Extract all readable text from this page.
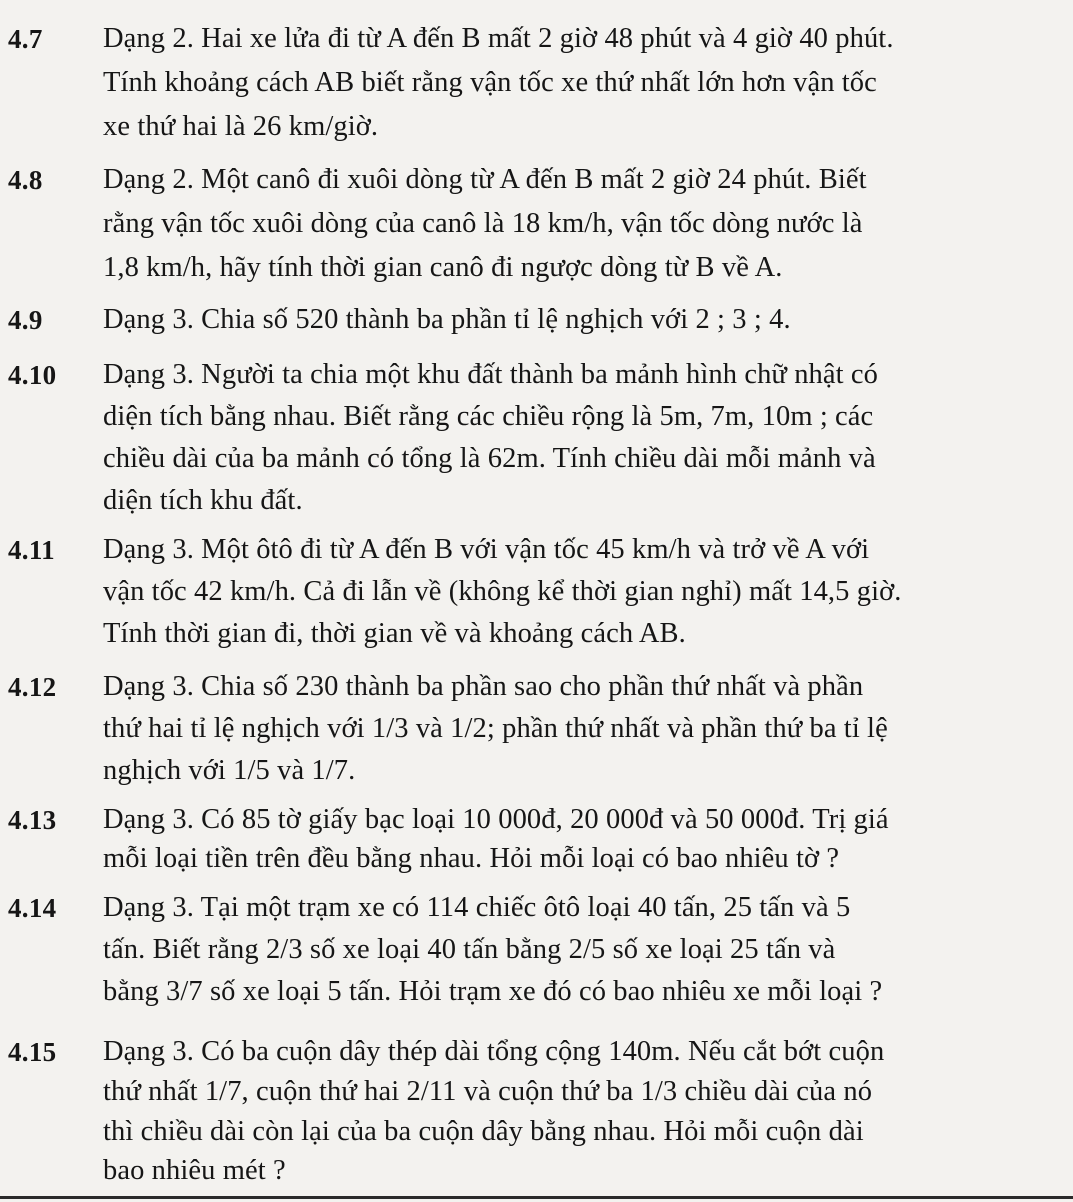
4.7 Dạng 2. Hai xe lửa đi từ A đến B mất 2 giờ 48 phút và 4 giờ 40 phút.
Tính khoảng cách AB biết rằng vận tốc xe thứ nhất lớn hơn vận tốc
xe thứ hai là 26 km/giờ.
4.8 Dạng 2. Một canô đi xuôi dòng từ A đến B mất 2 giờ 24 phút. Biết
rằng vận tốc xuôi dòng của canô là 18 km/h, vận tốc dòng nước là
1,8 km/h, hãy tính thời gian canô đi ngược dòng từ B về A.
4.9 Dạng 3. Chia số 520 thành ba phần tỉ lệ nghịch với 2 ; 3 ; 4.
4.10 Dạng 3. Người ta chia một khu đất thành ba mảnh hình chữ nhật có
diện tích bằng nhau. Biết rằng các chiều rộng là 5m, 7m, 10m ; các
chiều dài của ba mảnh có tổng là 62m. Tính chiều dài mỗi mảnh và
diện tích khu đất.
4.11 Dạng 3. Một ôtô đi từ A đến B với vận tốc 45 km/h và trở về A với
vận tốc 42 km/h. Cả đi lẫn về (không kể thời gian nghỉ) mất 14,5 giờ.
Tính thời gian đi, thời gian về và khoảng cách AB.
4.12 Dạng 3. Chia số 230 thành ba phần sao cho phần thứ nhất và phần
thứ hai tỉ lệ nghịch với 1/3 và 1/2; phần thứ nhất và phần thứ ba tỉ lệ
nghịch với 1/5 và 1/7.
4.13 Dạng 3. Có 85 tờ giấy bạc loại 10 000đ, 20 000đ và 50 000đ. Trị giá
mỗi loại tiền trên đều bằng nhau. Hỏi mỗi loại có bao nhiêu tờ ?
4.14 Dạng 3. Tại một trạm xe có 114 chiếc ôtô loại 40 tấn, 25 tấn và 5
tấn. Biết rằng 2/3 số xe loại 40 tấn bằng 2/5 số xe loại 25 tấn và
bằng 3/7 số xe loại 5 tấn. Hỏi trạm xe đó có bao nhiêu xe mỗi loại ?
4.15 Dạng 3. Có ba cuộn dây thép dài tổng cộng 140m. Nếu cắt bớt cuộn
thứ nhất 1/7, cuộn thứ hai 2/11 và cuộn thứ ba 1/3 chiều dài của nó
thì chiều dài còn lại của ba cuộn dây bằng nhau. Hỏi mỗi cuộn dài
bao nhiêu mét ?
